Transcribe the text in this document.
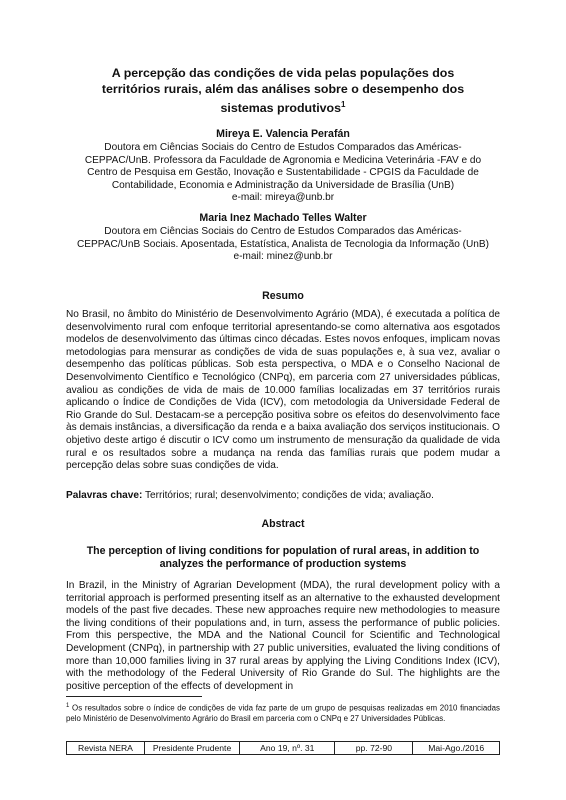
A percepção das condições de vida pelas populações dos
territórios rurais, além das análises sobre o desempenho dos
sistemas produtivos$^1$
Mireya E. Valencia Perafán
Doutora em Ciências Sociais do Centro de Estudos Comparados das Américas-
CEPPAC/UnB. Professora da Faculdade de Agronomia e Medicina Veterinária -FAV e do
Centro de Pesquisa em Gestão, Inovação e Sustentabilidade - CPGIS da Faculdade de
Contabilidade, Economia e Administração da Universidade de Brasília (UnB)
e-mail: mireya@unb.br
Maria Inez Machado Telles Walter
Doutora em Ciências Sociais do Centro de Estudos Comparados das Américas-
CEPPAC/UnB Sociais. Aposentada, Estatística, Analista de Tecnologia da Informação (UnB)
e-mail: minez@unb.br
Resumo
No Brasil, no âmbito do Ministério de Desenvolvimento Agrário (MDA), é executada a política de desenvolvimento rural com enfoque territorial apresentando-se como alternativa aos esgotados modelos de desenvolvimento das últimas cinco décadas. Estes novos enfoques, implicam novas metodologias para mensurar as condições de vida de suas populações e, à sua vez, avaliar o desempenho das políticas públicas. Sob esta perspectiva, o MDA e o Conselho Nacional de Desenvolvimento Científico e Tecnológico (CNPq), em parceria com 27 universidades públicas, avaliou as condições de vida de mais de 10.000 famílias localizadas em 37 territórios rurais aplicando o Índice de Condições de Vida (ICV), com metodologia da Universidade Federal de Rio Grande do Sul. Destacam-se a percepção positiva sobre os efeitos do desenvolvimento face às demais instâncias, a diversificação da renda e a baixa avaliação dos serviços institucionais. O objetivo deste artigo é discutir o ICV como um instrumento de mensuração da qualidade de vida rural e os resultados sobre a mudança na renda das famílias rurais que podem mudar a percepção delas sobre suas condições de vida.
Palavras chave: Territórios; rural; desenvolvimento; condições de vida; avaliação.
Abstract
The perception of living conditions for population of rural areas, in addition to analyzes the performance of production systems
In Brazil, in the Ministry of Agrarian Development (MDA), the rural development policy with a territorial approach is performed presenting itself as an alternative to the exhausted development models of the past five decades. These new approaches require new methodologies to measure the living conditions of their populations and, in turn, assess the performance of public policies. From this perspective, the MDA and the National Council for Scientific and Technological Development (CNPq), in partnership with 27 public universities, evaluated the living conditions of more than 10,000 families living in 37 rural areas by applying the Living Conditions Index (ICV), with the methodology of the Federal University of Rio Grande do Sul. The highlights are the positive perception of the effects of development in
$^1$ Os resultados sobre o índice de condições de vida faz parte de um grupo de pesquisas realizadas em 2010 financiadas pelo Ministério de Desenvolvimento Agrário do Brasil em parceria com o CNPq e 27 Universidades Públicas.
Revista NERA	Presidente Prudente	Ano 19, nº. 31	pp. 72-90	Mai-Ago./2016
